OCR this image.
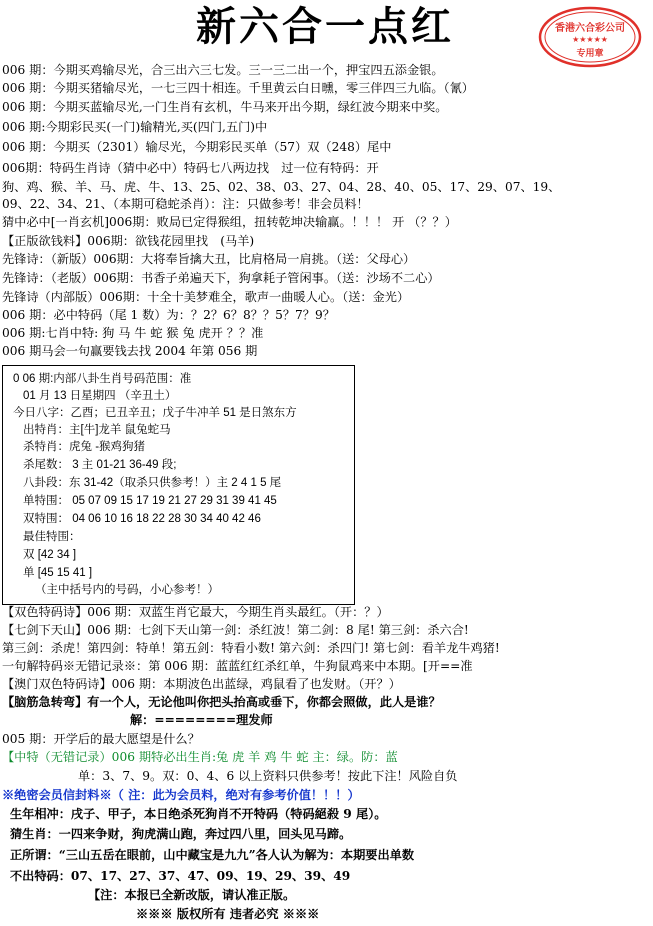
新六合一点红	香港六合彩公司
★★★★★
专用章
006 期：今期买鸡输尽光，合三出六三七发。三一三二出一个，押宝四五添金银。
006 期：今期买猪输尽光，一七三四十相连。千里黄云白日曛，零三伴四三九临。（氰）
006 期：今期买蓝输尽光,一门生肖有玄机，牛马来开出今期，绿红波今期来中奖。
006 期:今期彩民买(一门)输精光,买(四门,五门)中
006 期：今期买（2301）输尽光，今期彩民买单（57）双（248）尾中
006期：特码生肖诗（猜中必中）特码七八两边找　过一位有特码：开
狗、鸡、猴、羊、马、虎、牛、13、25、02、38、03、27、04、28、40、05、17、29、07、19、
09、22、34、21、（本期可稳蛇杀肖）：注：只做参考！非会员料！
猜中必中[一肖玄机]006期：败局已定得猴组，扭转乾坤决输赢。！！！ 开 （？？）
【正版欲钱料】006期：欲钱花园里找　(马羊)
先锋诗：（新版）006期：大将奉旨擒大丑，比肩格局一肩挑。（送：父母心）
先锋诗：（老版）006期：书香子弟遍天下，狗拿耗子管闲事。（送：沙场不二心）
先锋诗（内部版）006期：十全十美梦难全，歌声一曲暖人心。（送：金光）
006 期：必中特码（尾 1 数）为：？2？6？8？？5？7？9？
006 期:七肖中特: 狗 马 牛 蛇 猴 兔 虎开 ？？准
006 期马会一句赢要钱去找 2004 年第 056 期
0 06 期:内部八卦生肖号码范围：准
01 月 13 日星期四 （辛丑土）
今日八字：乙酉；已丑辛丑；戊子牛冲羊 51 是日煞东方
出特肖：主[牛]龙羊 鼠兔蛇马
杀特肖：虎兔 -猴鸡狗猪
杀尾数： 3 主 01-21 36-49 段;
八卦段：东 31-42（取杀只供参考！）主 2 4 1 5 尾
单特围： 05 07 09 15 17 19 21 27 29 31 39 41 45
双特围： 04 06 10 16 18 22 28 30 34 40 42 46
最佳特围：
双 [42 34 ]
单 [45 15 41 ]
（主中括号内的号码，小心参考！）
【双色特码诗】006 期：双蓝生肖它最大，今期生肖头最红。（开：？）
【七剑下天山】006 期：七剑下天山第一剑：杀红波！第二剑：8 尾! 第三剑：杀六合!
第三剑：杀虎！第四剑：特单！第五剑：特看小数! 第六剑：杀四门! 第七剑：看羊龙牛鸡猪!
一句解特码※无错记录※：第 006 期：蓝蓝红红杀红单，牛狗鼠鸡来中本期。[开==准
【澳门双色特码诗】006 期：本期波色出蓝绿，鸡鼠看了也发财。（开？）
【脑筋急转弯】有一个人，无论他叫你把头抬高或垂下，你都会照做，此人是谁？
解：========理发师
005 期：开学后的最大愿望是什么？
【中特（无错记录）006 期特必出生肖:兔 虎 羊 鸡 牛 蛇 主：绿。防：蓝
单：3、7、9。双：0、4、6 以上资料只供参考！按此下注！风险自负
※绝密会员信封料※（ 注：此为会员料，绝对有参考价值！！！）
生年相冲：戌子、甲子，本日绝杀死狗肖不开特码（特码絕殺 9 尾）。
猜生肖：一四来争财，狗虎满山跑，奔过四八里，回头见马蹄。
正所谓：“三山五岳在眼前，山中藏宝是九九”各人认为解为：本期要出单数
不出特码：07、17、27、37、47、09、19、29、39、49
【注：本报已全新改版，请认准正版。
※※※ 版权所有 违者必究 ※※※
